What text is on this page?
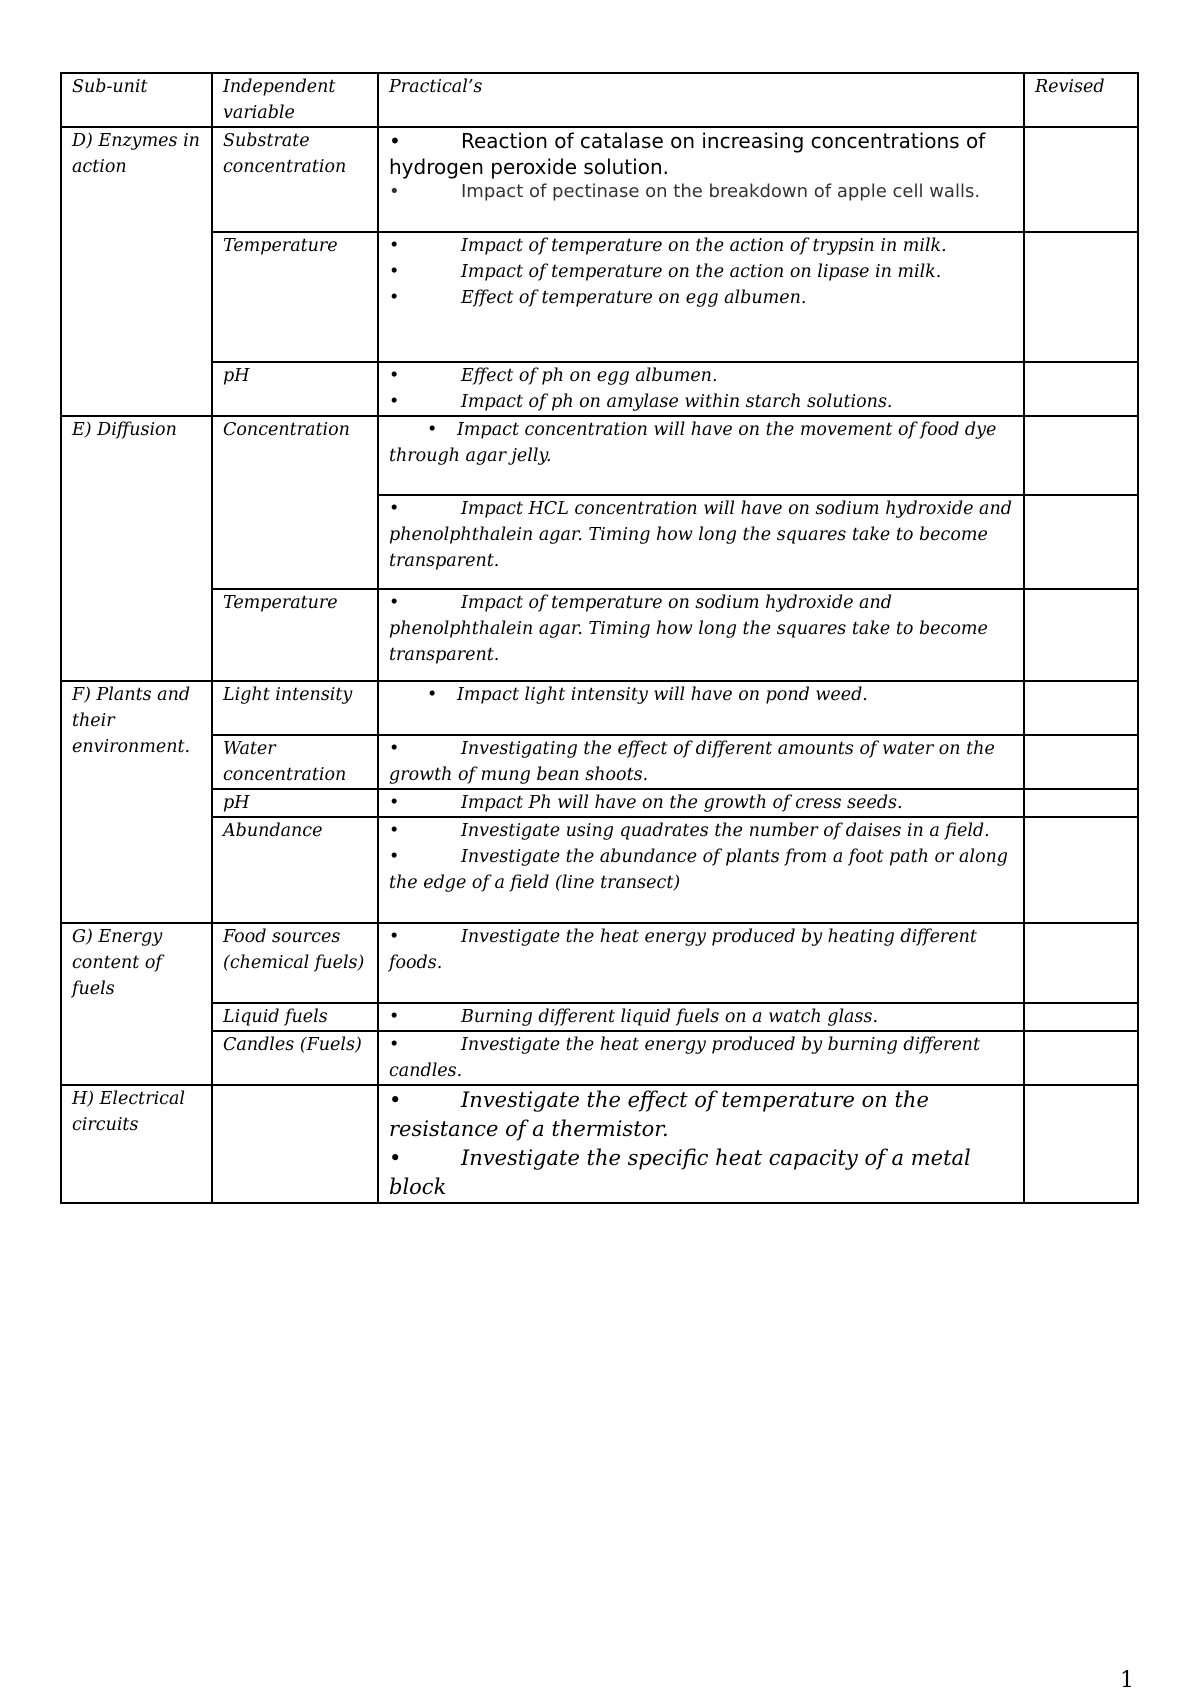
Sub-unit	Independent variable	Practical’s	Revised
D) Enzymes in action	Substrate concentration	• Reaction of catalase on increasing concentrations of hydrogen peroxide solution.
• Impact of pectinase on the breakdown of apple cell walls.	

	Temperature	• Impact of temperature on the action of trypsin in milk.
• Impact of temperature on the action on lipase in milk.
• Effect of temperature on egg albumen.	

	pH	• Effect of ph on egg albumen.
• Impact of ph on amylase within starch solutions.	

E) Diffusion	Concentration	• Impact concentration will have on the movement of food dye through agar jelly.	

		• Impact HCL concentration will have on sodium hydroxide and phenolphthalein agar. Timing how long the squares take to become transparent.	

	Temperature	• Impact of temperature on sodium hydroxide and phenolphthalein agar. Timing how long the squares take to become transparent.	

F) Plants and their environment.	Light intensity	• Impact light intensity will have on pond weed.	

	Water concentration	• Investigating the effect of different amounts of water on the growth of mung bean shoots.	

	pH	• Impact Ph will have on the growth of cress seeds.	

	Abundance	• Investigate using quadrates the number of daises in a field.
• Investigate the abundance of plants from a foot path or along the edge of a field (line transect)	

G) Energy content of fuels	Food sources (chemical fuels)	• Investigate the heat energy produced by heating different foods.	

	Liquid fuels	• Burning different liquid fuels on a watch glass.	

	Candles (Fuels)	• Investigate the heat energy produced by burning different candles.	

H) Electrical circuits		• Investigate the effect of temperature on the resistance of a thermistor.
• Investigate the specific heat capacity of a metal block	

1
